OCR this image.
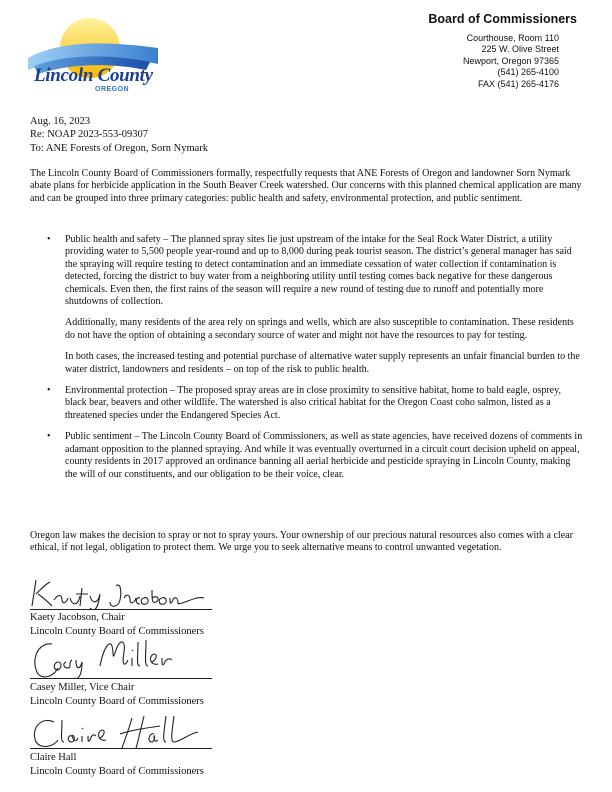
Lincoln County
OREGON
Board of Commissioners
Courthouse, Room 110
225 W. Olive Street
Newport, Oregon 97365
(541) 265-4100
FAX (541) 265-4176
Aug. 16, 2023
Re: NOAP 2023-553-09307
To: ANE Forests of Oregon, Sorn Nymark
The Lincoln County Board of Commissioners formally, respectfully requests that ANE Forests of Oregon and landowner Sorn Nymark abate plans for herbicide application in the South Beaver Creek watershed. Our concerns with this planned chemical application are many and can be grouped into three primary categories: public health and safety, environmental protection, and public sentiment.
• Public health and safety – The planned spray sites lie just upstream of the intake for the Seal Rock Water District, a utility providing water to 5,500 people year-round and up to 8,000 during peak tourist season. The district’s general manager has said the spraying will require testing to detect contamination and an immediate cessation of water collection if contamination is detected, forcing the district to buy water from a neighboring utility until testing comes back negative for these dangerous chemicals. Even then, the first rains of the season will require a new round of testing due to runoff and potentially more shutdowns of collection.

Additionally, many residents of the area rely on springs and wells, which are also susceptible to contamination. These residents do not have the option of obtaining a secondary source of water and might not have the resources to pay for testing.

In both cases, the increased testing and potential purchase of alternative water supply represents an unfair financial burden to the water district, landowners and residents – on top of the risk to public health.

• Environmental protection – The proposed spray areas are in close proximity to sensitive habitat, home to bald eagle, osprey, black bear, beavers and other wildlife. The watershed is also critical habitat for the Oregon Coast coho salmon, listed as a threatened species under the Endangered Species Act.

• Public sentiment – The Lincoln County Board of Commissioners, as well as state agencies, have received dozens of comments in adamant opposition to the planned spraying. And while it was eventually overturned in a circuit court decision upheld on appeal, county residents in 2017 approved an ordinance banning all aerial herbicide and pesticide spraying in Lincoln County, making the will of our constituents, and our obligation to be their voice, clear.

Oregon law makes the decision to spray or not to spray yours. Your ownership of our precious natural resources also comes with a clear ethical, if not legal, obligation to protect them. We urge you to seek alternative means to control unwanted vegetation.
Kaety Jacobson, Chair
Lincoln County Board of Commissioners
Casey Miller, Vice Chair
Lincoln County Board of Commissioners
Claire Hall
Lincoln County Board of Commissioners
